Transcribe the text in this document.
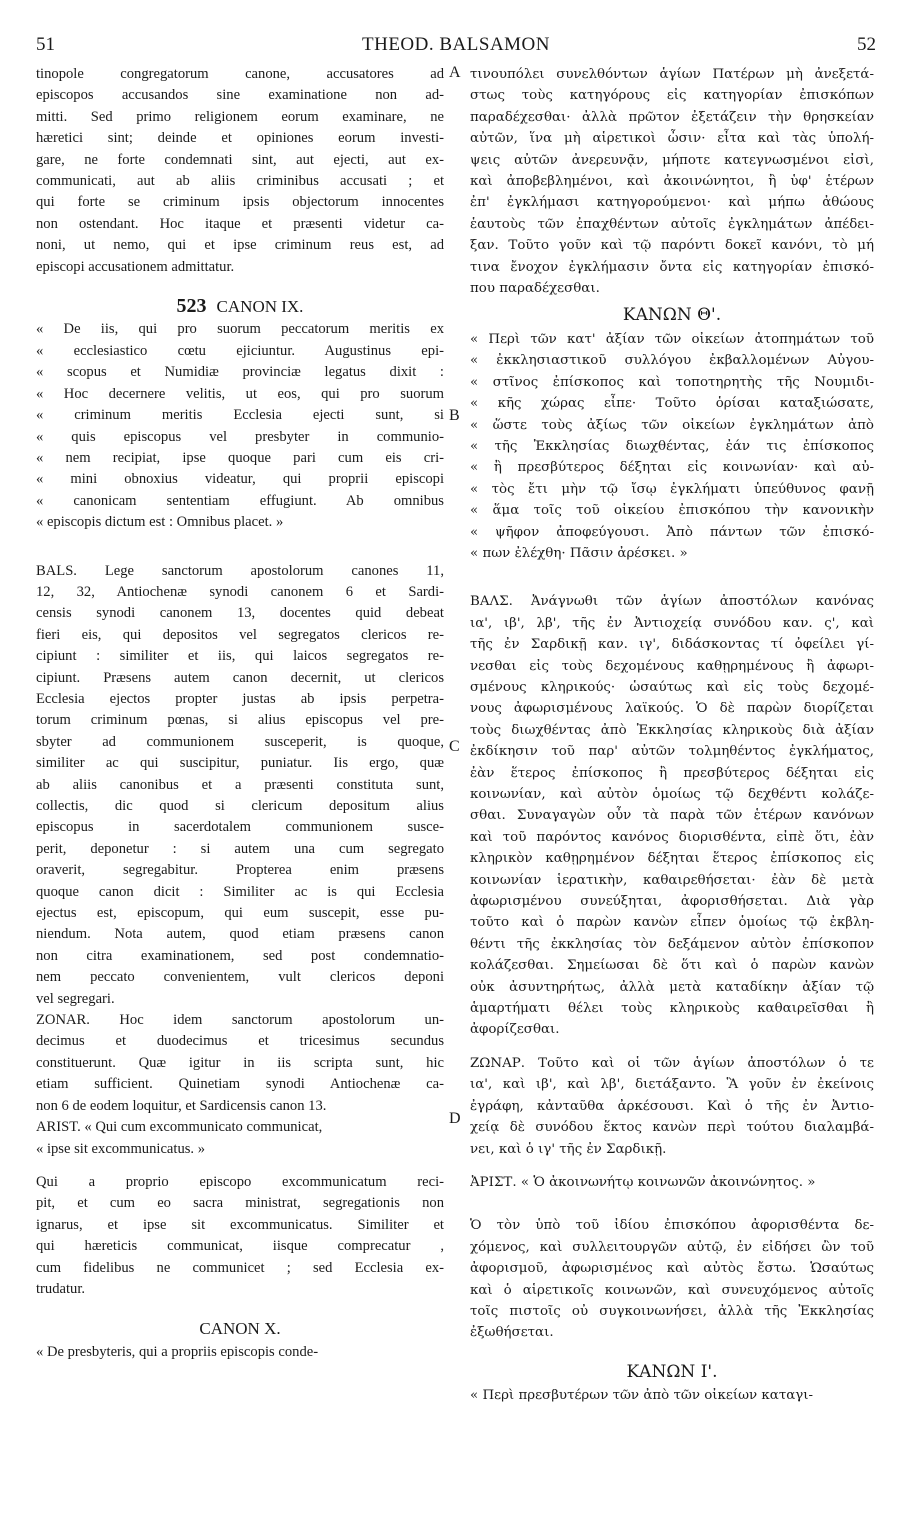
51	THEOD. BALSAMON	52
A
B
C
D
tinopole congregatorum canone, accusatores ad
episcopos accusandos sine examinatione non ad-
mitti. Sed primo religionem eorum examinare, ne
hæretici sint; deinde et opiniones eorum investi-
gare, ne forte condemnati sint, aut ejecti, aut ex-
communicati, aut ab aliis criminibus accusati ; et
qui forte se criminum ipsis objectorum innocentes
non ostendant. Hoc itaque et præsenti videtur ca-
noni, ut nemo, qui et ipse criminum reus est, ad
episcopi accusationem admittatur.
523 CANON IX.
« De iis, qui pro suorum peccatorum meritis ex
« ecclesiastico cœtu ejiciuntur. Augustinus epi-
« scopus et Numidiæ provinciæ legatus dixit :
« Hoc decernere velitis, ut eos, qui pro suorum
« criminum meritis Ecclesia ejecti sunt, si
« quis episcopus vel presbyter in communio-
« nem recipiat, ipse quoque pari cum eis cri-
« mini obnoxius videatur, qui proprii episcopi
« canonicam sententiam effugiunt. Ab omnibus
« episcopis dictum est : Omnibus placet. »
BALS. Lege sanctorum apostolorum canones 11,
12, 32, Antiochenæ synodi canonem 6 et Sardi-
censis synodi canonem 13, docentes quid debeat
fieri eis, qui depositos vel segregatos clericos re-
cipiunt : similiter et iis, qui laicos segregatos re-
cipiunt. Præsens autem canon decernit, ut clericos
Ecclesia ejectos propter justas ab ipsis perpetra-
torum criminum pœnas, si alius episcopus vel pre-
sbyter ad communionem susceperit, is quoque,
similiter ac qui suscipitur, puniatur. Iis ergo, quæ
ab aliis canonibus et a præsenti constituta sunt,
collectis, dic quod si clericum depositum alius
episcopus in sacerdotalem communionem susce-
perit, deponetur : si autem una cum segregato
oraverit, segregabitur. Propterea enim præsens
quoque canon dicit : Similiter ac is qui Ecclesia
ejectus est, episcopum, qui eum suscepit, esse pu-
niendum. Nota autem, quod etiam præsens canon
non citra examinationem, sed post condemnatio-
nem peccato convenientem, vult clericos deponi
vel segregari.
ZONAR. Hoc idem sanctorum apostolorum un-
decimus et duodecimus et tricesimus secundus
constituerunt. Quæ igitur in iis scripta sunt, hic
etiam sufficient. Quinetiam synodi Antiochenæ ca-
non 6 de eodem loquitur, et Sardicensis canon 13.
ARIST. « Qui cum excommunicato communicat,
« ipse sit excommunicatus. »
Qui a proprio episcopo excommunicatum reci-
pit, et cum eo sacra ministrat, segregationis non
ignarus, et ipse sit excommunicatus. Similiter et
qui hæreticis communicat, iisque comprecatur ,
cum fidelibus ne communicet ; sed Ecclesia ex-
trudatur.
CANON X.
« De presbyteris, qui a propriis episcopis conde-
τινουπόλει συνελθόντων ἁγίων Πατέρων μὴ ἀνεξετά-
στως τοὺς κατηγόρους εἰς κατηγορίαν ἐπισκόπων
παραδέχεσθαι· ἀλλὰ πρῶτον ἐξετάζειν τὴν θρησκείαν
αὐτῶν, ἵνα μὴ αἱρετικοὶ ὦσιν· εἶτα καὶ τὰς ὑπολή-
ψεις αὐτῶν ἀνερευνᾷν, μήποτε κατεγνωσμένοι εἰσὶ,
καὶ ἀποβεβλημένοι, καὶ ἀκοινώνητοι, ἢ ὑφ' ἑτέρων
ἐπ' ἐγκλήμασι κατηγορούμενοι· καὶ μήπω ἀθώους
ἑαυτοὺς τῶν ἐπαχθέντων αὐτοῖς ἐγκλημάτων ἀπέδει-
ξαν. Τοῦτο γοῦν καὶ τῷ παρόντι δοκεῖ κανόνι, τὸ μή
τινα ἔνοχον ἐγκλήμασιν ὄντα εἰς κατηγορίαν ἐπισκό-
που παραδέχεσθαι.
ΚΑΝΩΝ Θ'.
« Περὶ τῶν κατ' ἀξίαν τῶν οἰκείων ἀτοπημάτων τοῦ
« ἐκκλησιαστικοῦ συλλόγου ἐκβαλλομένων Αὐγου-
« στῖνος ἐπίσκοπος καὶ τοποτηρητὴς τῆς Νουμιδι-
« κῆς χώρας εἶπε· Τοῦτο ὁρίσαι καταξιώσατε,
« ὥστε τοὺς ἀξίως τῶν οἰκείων ἐγκλημάτων ἀπὸ
« τῆς Ἐκκλησίας διωχθέντας, ἐάν τις ἐπίσκοπος
« ἢ πρεσβύτερος δέξηται εἰς κοινωνίαν· καὶ αὐ-
« τὸς ἔτι μὴν τῷ ἴσῳ ἐγκλήματι ὑπεύθυνος φανῇ
« ἅμα τοῖς τοῦ οἰκείου ἐπισκόπου τὴν κανονικὴν
« ψῆφον ἀποφεύγουσι. Ἀπὸ πάντων τῶν ἐπισκό-
« πων ἐλέχθη· Πᾶσιν ἀρέσκει. »
ΒΑΛΣ. Ἀνάγνωθι τῶν ἁγίων ἀποστόλων κανόνας
ια', ιβ', λβ', τῆς ἐν Ἀντιοχείᾳ συνόδου καν. ς', καὶ
τῆς ἐν Σαρδικῇ καν. ιγ', διδάσκοντας τί ὀφείλει γί-
νεσθαι εἰς τοὺς δεχομένους καθῃρημένους ἢ ἀφωρι-
σμένους κληρικούς· ὡσαύτως καὶ εἰς τοὺς δεχομέ-
νους ἀφωρισμένους λαϊκούς. Ὁ δὲ παρὼν διορίζεται
τοὺς διωχθέντας ἀπὸ Ἐκκλησίας κληρικοὺς διὰ ἀξίαν
ἐκδίκησιν τοῦ παρ' αὐτῶν τολμηθέντος ἐγκλήματος,
ἐὰν ἕτερος ἐπίσκοπος ἢ πρεσβύτερος δέξηται εἰς
κοινωνίαν, καὶ αὐτὸν ὁμοίως τῷ δεχθέντι κολάζε-
σθαι. Συναγαγὼν οὖν τὰ παρὰ τῶν ἑτέρων κανόνων
καὶ τοῦ παρόντος κανόνος διορισθέντα, εἰπὲ ὅτι, ἐὰν
κληρικὸν καθῃρημένον δέξηται ἕτερος ἐπίσκοπος εἰς
κοινωνίαν ἱερατικὴν, καθαιρεθήσεται· ἐὰν δὲ μετὰ
ἀφωρισμένου συνεύξηται, ἀφορισθήσεται. Διὰ γὰρ
τοῦτο καὶ ὁ παρὼν κανὼν εἶπεν ὁμοίως τῷ ἐκβλη-
θέντι τῆς ἐκκλησίας τὸν δεξάμενον αὐτὸν ἐπίσκοπον
κολάζεσθαι. Σημείωσαι δὲ ὅτι καὶ ὁ παρὼν κανὼν
οὐκ ἀσυντηρήτως, ἀλλὰ μετὰ καταδίκην ἀξίαν τῷ
ἁμαρτήματι θέλει τοὺς κληρικοὺς καθαιρεῖσθαι ἢ
ἀφορίζεσθαι.
ΖΩΝΑΡ. Τοῦτο καὶ οἱ τῶν ἁγίων ἀποστόλων ὁ τε
ια', καὶ ιβ', καὶ λβ', διετάξαντο. Ἃ γοῦν ἐν ἐκείνοις
ἐγράφη, κἀνταῦθα ἀρκέσουσι. Καὶ ὁ τῆς ἐν Ἀντιο-
χείᾳ δὲ συνόδου ἕκτος κανὼν περὶ τούτου διαλαμβά-
νει, καὶ ὁ ιγ' τῆς ἐν Σαρδικῇ.
ἈΡΙΣΤ. « Ὁ ἀκοινωνήτῳ κοινωνῶν ἀκοινώνητος. »
Ὁ τὸν ὑπὸ τοῦ ἰδίου ἐπισκόπου ἀφορισθέντα δε-
χόμενος, καὶ συλλειτουργῶν αὐτῷ, ἐν εἰδήσει ὢν τοῦ
ἀφορισμοῦ, ἀφωρισμένος καὶ αὐτὸς ἔστω. Ὡσαύτως
καὶ ὁ αἱρετικοῖς κοινωνῶν, καὶ συνευχόμενος αὐτοῖς
τοῖς πιστοῖς οὐ συγκοινωνήσει, ἀλλὰ τῆς Ἐκκλησίας
ἐξωθήσεται.
ΚΑΝΩΝ Ι'.
« Περὶ πρεσβυτέρων τῶν ἀπὸ τῶν οἰκείων καταγι-
